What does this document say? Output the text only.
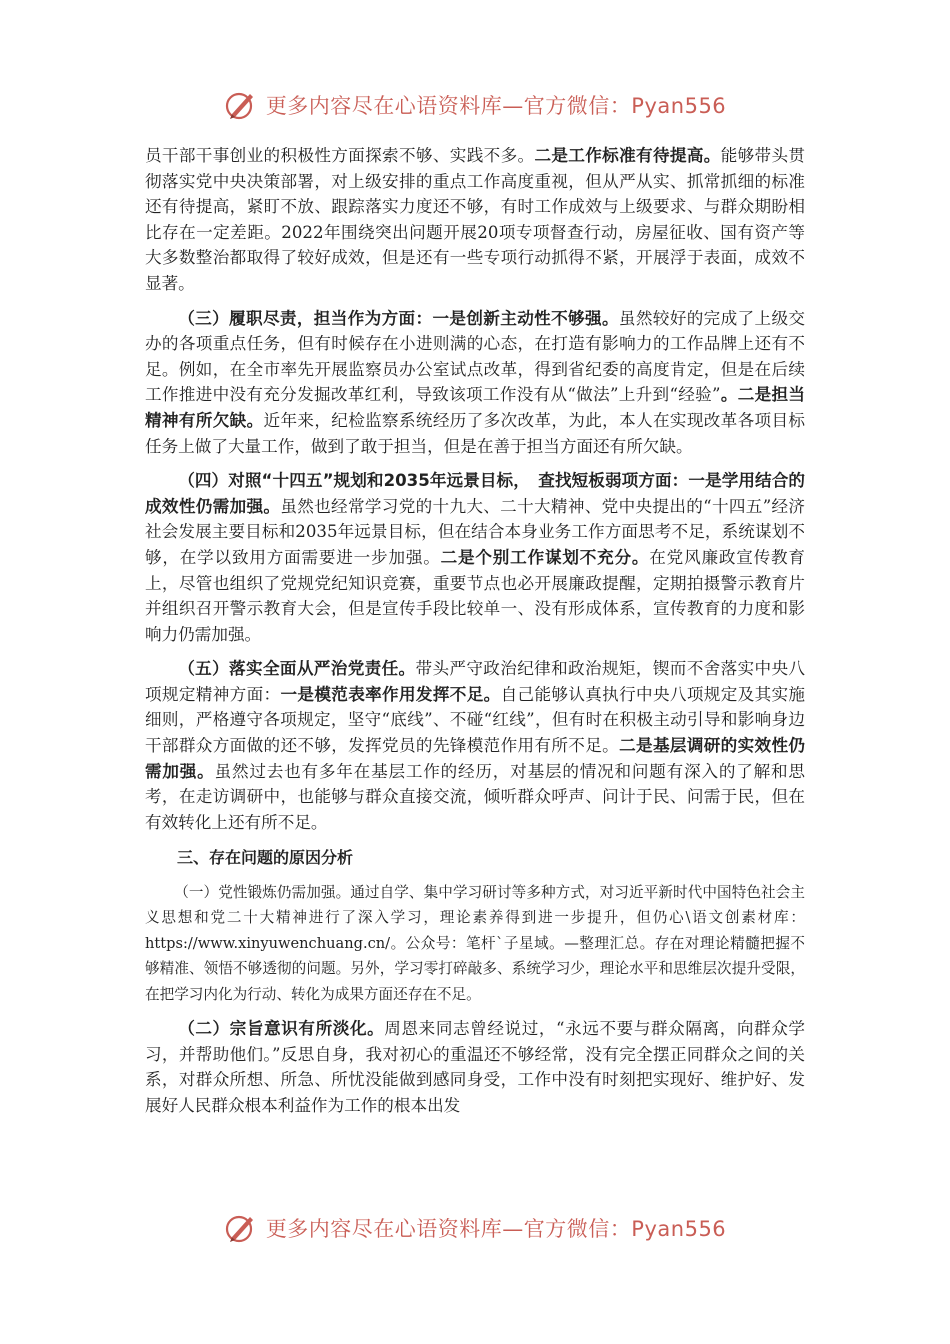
更多内容尽在心语资料库—官方微信：Pyan556

员干部干事创业的积极性方面探索不够、实践不多。二是工作标准有待提高。能够带头贯彻落实党中央决策部署，对上级安排的重点工作高度重视，但从严从实、抓常抓细的标准还有待提高，紧盯不放、跟踪落实力度还不够，有时工作成效与上级要求、与群众期盼相比存在一定差距。2022年围绕突出问题开展20项专项督查行动，房屋征收、国有资产等大多数整治都取得了较好成效，但是还有一些专项行动抓得不紧，开展浮于表面，成效不显著。

（三）履职尽责，担当作为方面：一是创新主动性不够强。虽然较好的完成了上级交办的各项重点任务，但有时候存在小进则满的心态，在打造有影响力的工作品牌上还有不足。例如，在全市率先开展监察员办公室试点改革，得到省纪委的高度肯定，但是在后续工作推进中没有充分发掘改革红利，导致该项工作没有从“做法”上升到“经验”。二是担当精神有所欠缺。近年来，纪检监察系统经历了多次改革，为此，本人在实现改革各项目标任务上做了大量工作，做到了敢于担当，但是在善于担当方面还有所欠缺。

（四）对照“十四五”规划和2035年远景目标，　查找短板弱项方面：一是学用结合的成效性仍需加强。虽然也经常学习党的十九大、二十大精神、党中央提出的“十四五”经济社会发展主要目标和2035年远景目标，但在结合本身业务工作方面思考不足，系统谋划不够，在学以致用方面需要进一步加强。二是个别工作谋划不充分。在党风廉政宣传教育上，尽管也组织了党规党纪知识竞赛，重要节点也必开展廉政提醒，定期拍摄警示教育片并组织召开警示教育大会，但是宣传手段比较单一、没有形成体系，宣传教育的力度和影响力仍需加强。

（五）落实全面从严治党责任。带头严守政治纪律和政治规矩，锲而不舍落实中央八项规定精神方面：一是模范表率作用发挥不足。自己能够认真执行中央八项规定及其实施细则，严格遵守各项规定，坚守“底线”、不碰“红线”，但有时在积极主动引导和影响身边干部群众方面做的还不够，发挥党员的先锋模范作用有所不足。二是基层调研的实效性仍需加强。虽然过去也有多年在基层工作的经历，对基层的情况和问题有深入的了解和思考，在走访调研中，也能够与群众直接交流，倾听群众呼声、问计于民、问需于民，但在有效转化上还有所不足。

三、存在问题的原因分析

（一）党性锻炼仍需加强。通过自学、集中学习研讨等多种方式，对习近平新时代中国特色社会主义思想和党二十大精神进行了深入学习，理论素养得到进一步提升，但仍心\语文创素材库：https://www.xinyuwenchuang.cn/。公众号：笔杆`子星域。—整理汇总。存在对理论精髓把握不够精准、领悟不够透彻的问题。另外，学习零打碎敲多、系统学习少，理论水平和思维层次提升受限，在把学习内化为行动、转化为成果方面还存在不足。

（二）宗旨意识有所淡化。周恩来同志曾经说过，“永远不要与群众隔离，向群众学习，并帮助他们。”反思自身，我对初心的重温还不够经常，没有完全摆正同群众之间的关系，对群众所想、所急、所忧没能做到感同身受，工作中没有时刻把实现好、维护好、发展好人民群众根本利益作为工作的根本出发

更多内容尽在心语资料库—官方微信：Pyan556
